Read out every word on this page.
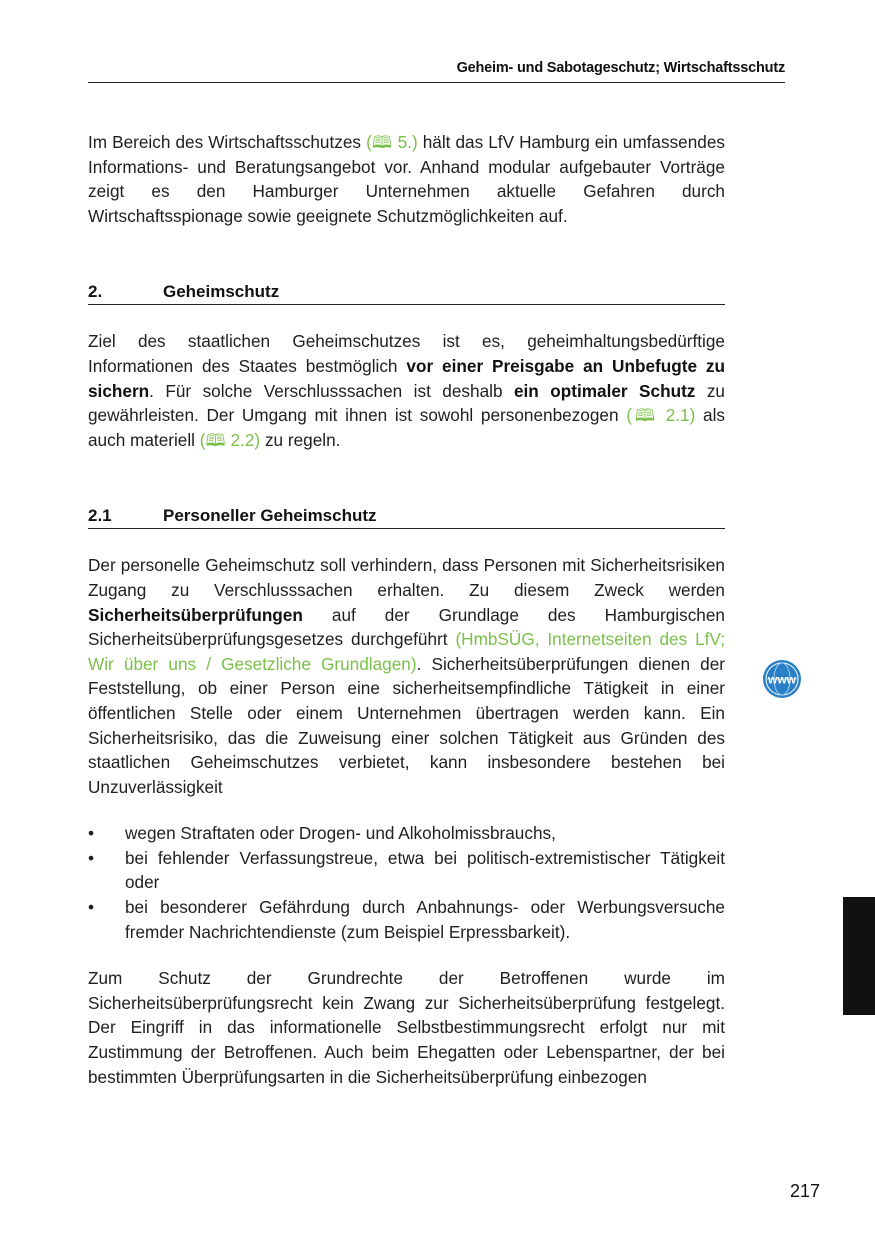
Geheim- und Sabotageschutz; Wirtschaftsschutz

Im Bereich des Wirtschaftsschutzes (🕮 5.) hält das LfV Hamburg ein umfassendes Informations- und Beratungsangebot vor. Anhand modular aufgebauter Vorträge zeigt es den Hamburger Unternehmen aktuelle Gefahren durch Wirtschaftsspionage sowie geeignete Schutzmöglichkeiten auf.

2.	Geheimschutz

Ziel des staatlichen Geheimschutzes ist es, geheimhaltungsbedürftige Informationen des Staates bestmöglich vor einer Preisgabe an Unbefugte zu sichern. Für solche Verschlusssachen ist deshalb ein optimaler Schutz zu gewährleisten. Der Umgang mit ihnen ist sowohl personenbezogen (🕮 2.1) als auch materiell (🕮 2.2) zu regeln.

2.1	Personeller Geheimschutz

Der personelle Geheimschutz soll verhindern, dass Personen mit Sicherheitsrisiken Zugang zu Verschlusssachen erhalten. Zu diesem Zweck werden Sicherheitsüberprüfungen auf der Grundlage des Hamburgischen Sicherheitsüberprüfungsgesetzes durchgeführt (HmbSÜG, Internetseiten des LfV; Wir über uns / Gesetzliche Grundlagen). Sicherheitsüberprüfungen dienen der Feststellung, ob einer Person eine sicherheitsempfindliche Tätigkeit in einer öffentlichen Stelle oder einem Unternehmen übertragen werden kann. Ein Sicherheitsrisiko, das die Zuweisung einer solchen Tätigkeit aus Gründen des staatlichen Geheimschutzes verbietet, kann insbesondere bestehen bei Unzuverlässigkeit

• wegen Straftaten oder Drogen- und Alkoholmissbrauchs,
• bei fehlender Verfassungstreue, etwa bei politisch-extremistischer Tätigkeit oder
• bei besonderer Gefährdung durch Anbahnungs- oder Werbungsversuche fremder Nachrichtendienste (zum Beispiel Erpressbarkeit).

Zum Schutz der Grundrechte der Betroffenen wurde im Sicherheitsüberprüfungsrecht kein Zwang zur Sicherheitsüberprüfung festgelegt. Der Eingriff in das informationelle Selbstbestimmungsrecht erfolgt nur mit Zustimmung der Betroffenen. Auch beim Ehegatten oder Lebenspartner, der bei bestimmten Überprüfungsarten in die Sicherheitsüberprüfung einbezogen

www
217
